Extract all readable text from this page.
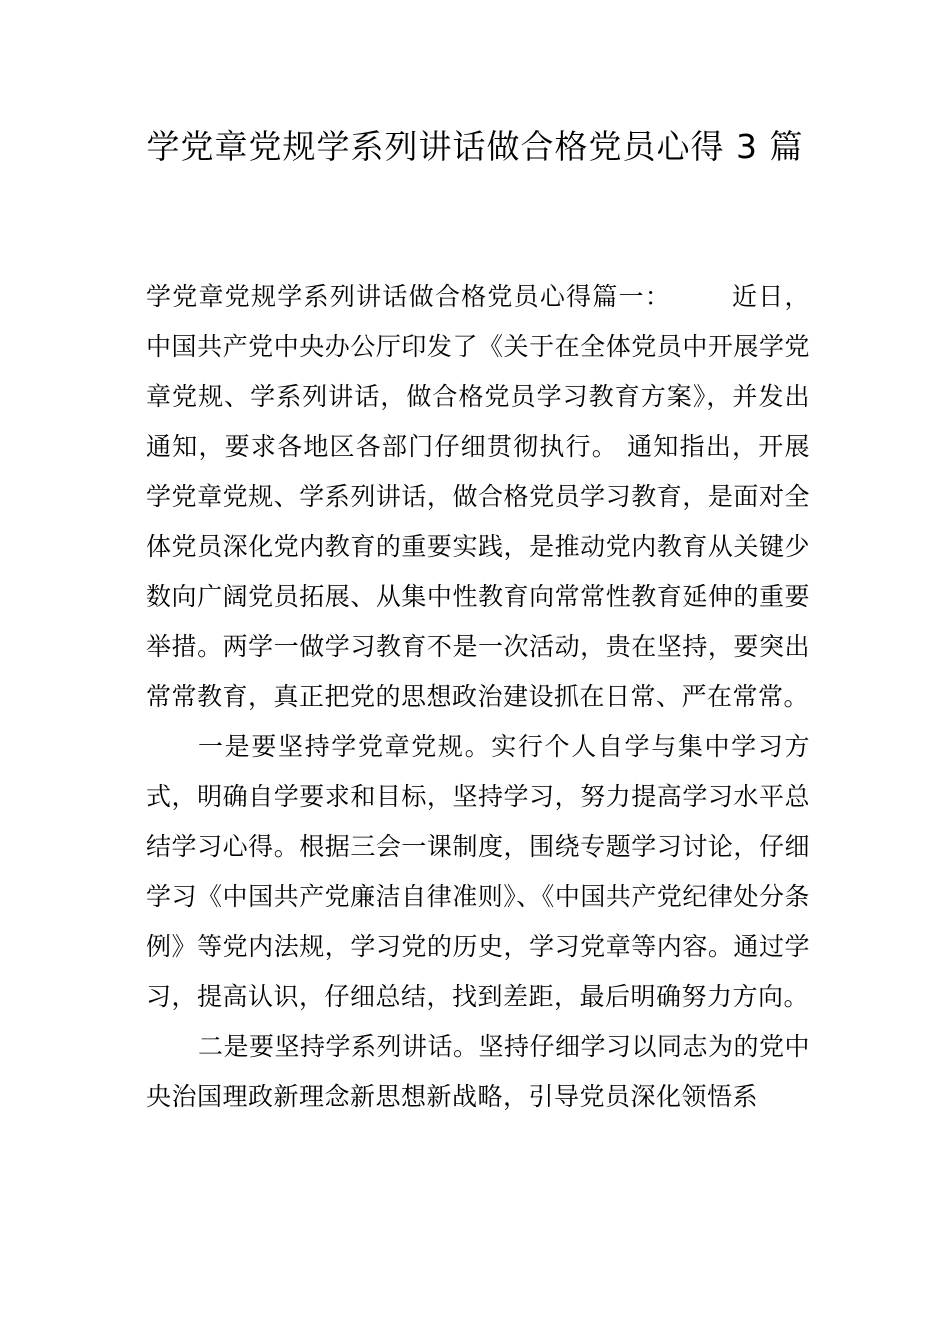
学党章党规学系列讲话做合格党员心得 3 篇

学党章党规学系列讲话做合格党员心得篇一： 近日，中国共产党中央办公厅印发了《关于在全体党员中开展学党章党规、学系列讲话，做合格党员学习教育方案》，并发出通知，要求各地区各部门仔细贯彻执行。 通知指出，开展学党章党规、学系列讲话，做合格党员学习教育，是面对全体党员深化党内教育的重要实践，是推动党内教育从关键少数向广阔党员拓展、从集中性教育向常常性教育延伸的重要举措。两学一做学习教育不是一次活动，贵在坚持，要突出常常教育，真正把党的思想政治建设抓在日常、严在常常。

一是要坚持学党章党规。实行个人自学与集中学习方式，明确自学要求和目标，坚持学习，努力提高学习水平总结学习心得。根据三会一课制度，围绕专题学习讨论，仔细学习《中国共产党廉洁自律准则》、《中国共产党纪律处分条例》等党内法规，学习党的历史，学习党章等内容。通过学习，提高认识，仔细总结，找到差距，最后明确努力方向。

二是要坚持学系列讲话。坚持仔细学习以同志为的党中央治国理政新理念新思想新战略，引导党员深化领悟系
